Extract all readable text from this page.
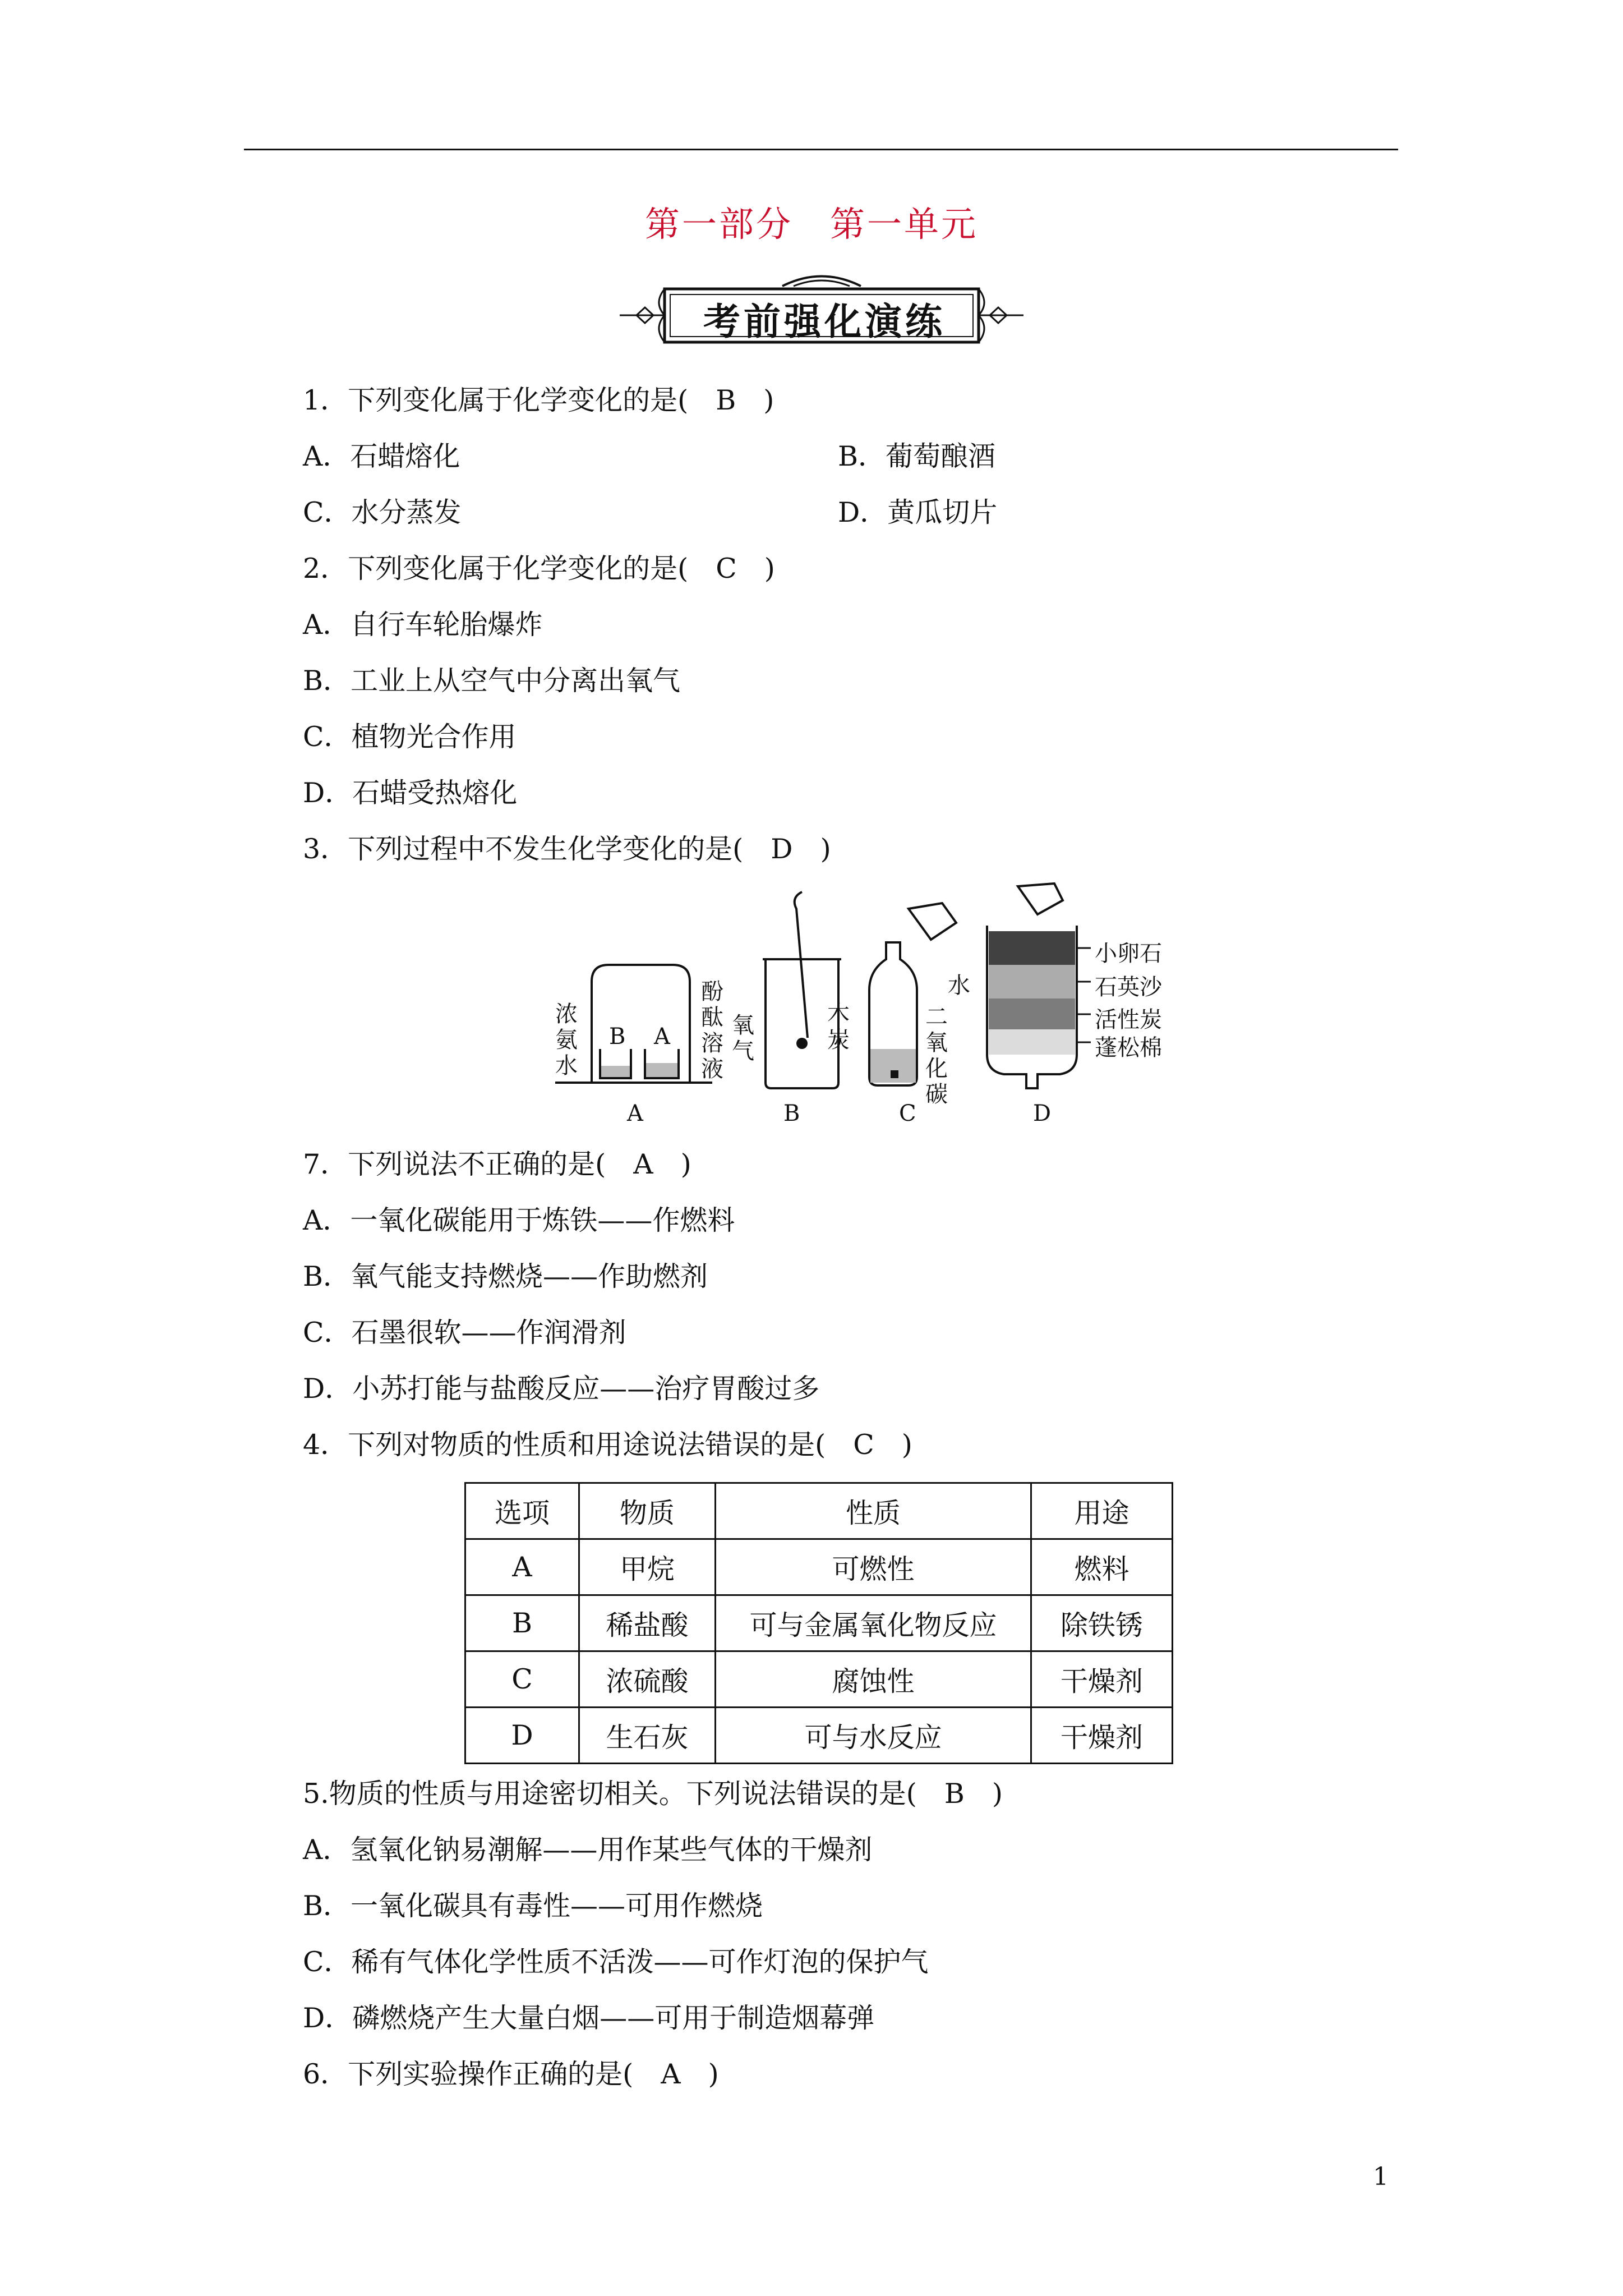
第一部分　第一单元
考前强化演练
1．下列变化属于化学变化的是(　B　)
A．石蜡熔化	B．葡萄酿酒
C．水分蒸发	D．黄瓜切片
2．下列变化属于化学变化的是(　C　)
A．自行车轮胎爆炸
B．工业上从空气中分离出氧气
C．植物光合作用
D．石蜡受热熔化
3．下列过程中不发生化学变化的是(　D　)
B A
浓
氨
水
酚
酞
溶
液
氧
气
木
炭
水
二
氧
化
碳
小卵石
石英沙
活性炭
蓬松棉
A	B	C	D
7．下列说法不正确的是(　A　)
A．一氧化碳能用于炼铁——作燃料
B．氧气能支持燃烧——作助燃剂
C．石墨很软——作润滑剂
D．小苏打能与盐酸反应——治疗胃酸过多
4．下列对物质的性质和用途说法错误的是(　C　)
选项	物质	性质	用途
A	甲烷	可燃性	燃料
B	稀盐酸	可与金属氧化物反应	除铁锈
C	浓硫酸	腐蚀性	干燥剂
D	生石灰	可与水反应	干燥剂
5.物质的性质与用途密切相关。下列说法错误的是(　B　)
A．氢氧化钠易潮解——用作某些气体的干燥剂
B．一氧化碳具有毒性——可用作燃烧
C．稀有气体化学性质不活泼——可作灯泡的保护气
D．磷燃烧产生大量白烟——可用于制造烟幕弹
6．下列实验操作正确的是(　A　)
1
